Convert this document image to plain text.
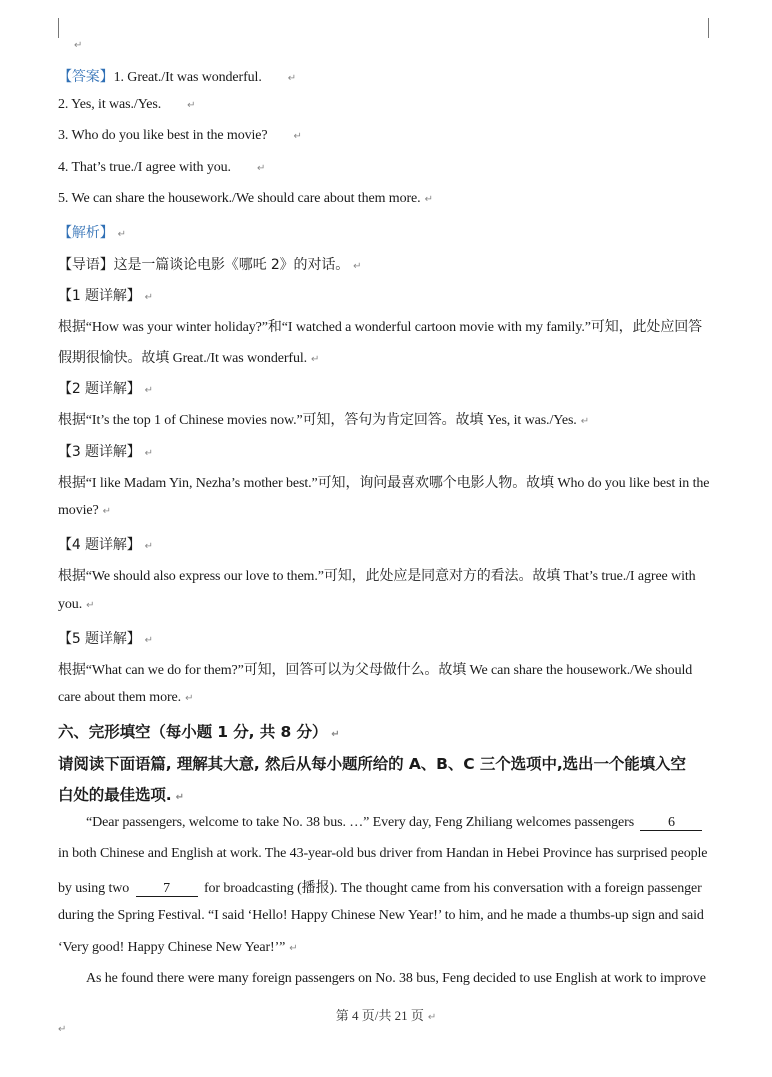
↵
【答案】1. Great./It was wonderful.	↵
2. Yes, it was./Yes.	↵
3. Who do you like best in the movie?	↵
4. That’s true./I agree with you.	↵
5. We can share the housework./We should care about them more. ↵
【解析】 ↵
【导语】这是一篇谈论电影《哪吒 2》的对话。 ↵
【1 题详解】 ↵
根据“How was your winter holiday?”和“I watched a wonderful cartoon movie with my family.”可知，此处应回答
假期很愉快。故填 Great./It was wonderful. ↵
【2 题详解】 ↵
根据“It’s the top 1 of Chinese movies now.”可知，答句为肯定回答。故填 Yes, it was./Yes. ↵
【3 题详解】 ↵
根据“I like Madam Yin, Nezha’s mother best.”可知，询问最喜欢哪个电影人物。故填 Who do you like best in the
movie? ↵
【4 题详解】 ↵
根据“We should also express our love to them.”可知，此处应是同意对方的看法。故填 That’s true./I agree with
you. ↵
【5 题详解】 ↵
根据“What can we do for them?”可知，回答可以为父母做什么。故填 We can share the housework./We should
care about them more. ↵
六、完形填空（每小题 1 分, 共 8 分） ↵
请阅读下面语篇, 理解其大意, 然后从每小题所给的 A、B、C 三个选项中,选出一个能填入空
白处的最佳选项. ↵
“Dear passengers, welcome to take No. 38 bus. …” Every day, Feng Zhiliang welcomes passengers 6
in both Chinese and English at work. The 43-year-old bus driver from Handan in Hebei Province has surprised people
by using two 7 for broadcasting (播报). The thought came from his conversation with a foreign passenger
during the Spring Festival. “I said ‘Hello! Happy Chinese New Year!’ to him, and he made a thumbs-up sign and said
‘Very good! Happy Chinese New Year!’” ↵
As he found there were many foreign passengers on No. 38 bus, Feng decided to use English at work to improve
第 4 页/共 21 页 ↵
↵
